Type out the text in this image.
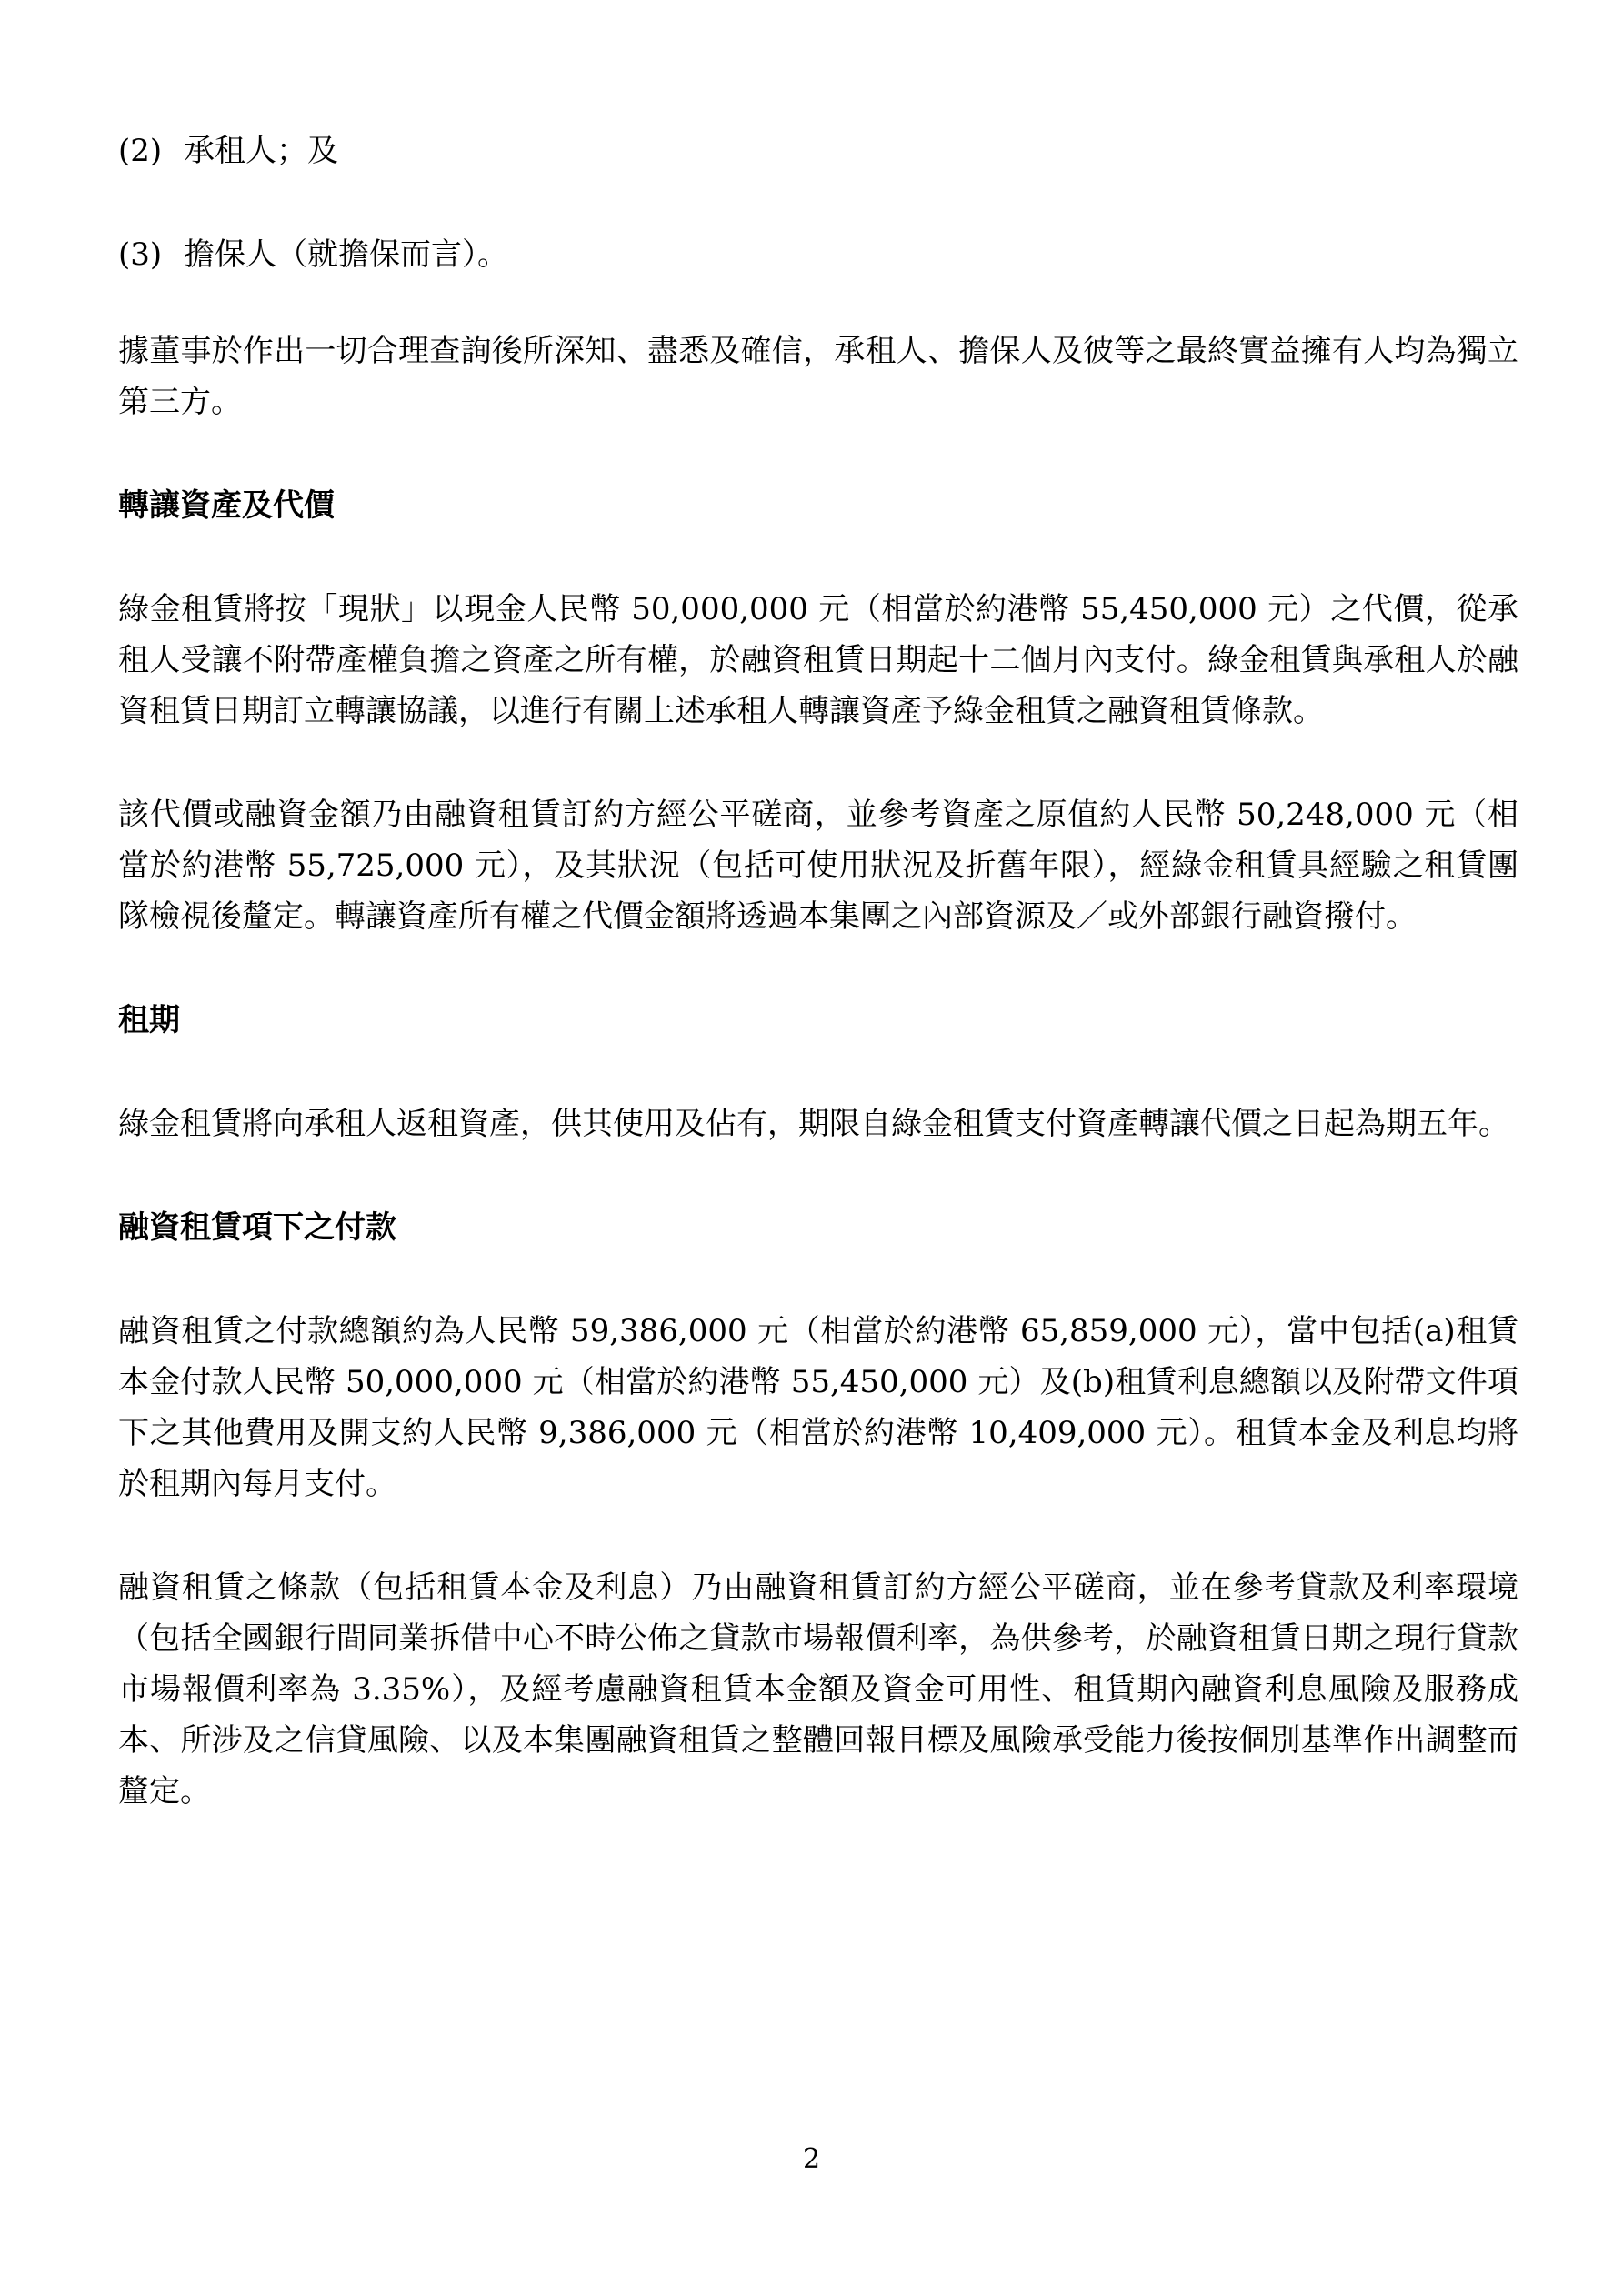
(2) 承租人；及
(3) 擔保人（就擔保而言）。

據董事於作出一切合理查詢後所深知、盡悉及確信，承租人、擔保人及彼等之最終實益擁有人均為獨立第三方。

轉讓資產及代價

綠金租賃將按「現狀」以現金人民幣 50,000,000 元（相當於約港幣 55,450,000 元）之代價，從承租人受讓不附帶產權負擔之資產之所有權，於融資租賃日期起十二個月內支付。綠金租賃與承租人於融資租賃日期訂立轉讓協議，以進行有關上述承租人轉讓資產予綠金租賃之融資租賃條款。

該代價或融資金額乃由融資租賃訂約方經公平磋商，並參考資產之原值約人民幣 50,248,000 元（相當於約港幣 55,725,000 元），及其狀況（包括可使用狀況及折舊年限），經綠金租賃具經驗之租賃團隊檢視後釐定。轉讓資產所有權之代價金額將透過本集團之內部資源及／或外部銀行融資撥付。

租期

綠金租賃將向承租人返租資產，供其使用及佔有，期限自綠金租賃支付資產轉讓代價之日起為期五年。

融資租賃項下之付款

融資租賃之付款總額約為人民幣 59,386,000 元（相當於約港幣 65,859,000 元），當中包括(a)租賃本金付款人民幣 50,000,000 元（相當於約港幣 55,450,000 元）及(b)租賃利息總額以及附帶文件項下之其他費用及開支約人民幣 9,386,000 元（相當於約港幣 10,409,000 元）。租賃本金及利息均將於租期內每月支付。

融資租賃之條款（包括租賃本金及利息）乃由融資租賃訂約方經公平磋商，並在參考貸款及利率環境（包括全國銀行間同業拆借中心不時公佈之貸款市場報價利率，為供參考，於融資租賃日期之現行貸款市場報價利率為 3.35%），及經考慮融資租賃本金額及資金可用性、租賃期內融資利息風險及服務成本、所涉及之信貸風險、以及本集團融資租賃之整體回報目標及風險承受能力後按個別基準作出調整而釐定。

2
